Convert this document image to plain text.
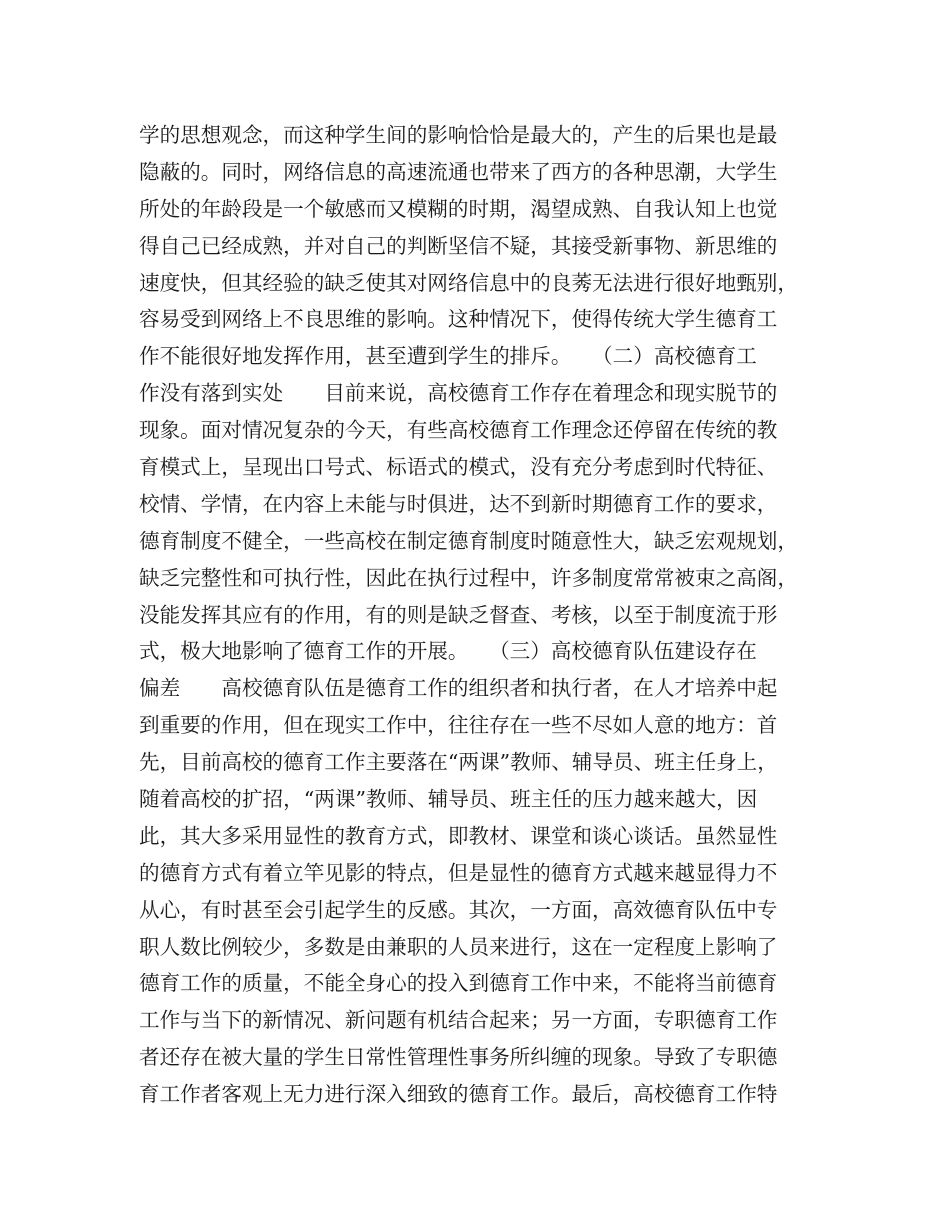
学的思想观念，而这种学生间的影响恰恰是最大的，产生的后果也是最
隐蔽的。同时，网络信息的高速流通也带来了西方的各种思潮，大学生
所处的年龄段是一个敏感而又模糊的时期，渴望成熟、自我认知上也觉
得自己已经成熟，并对自己的判断坚信不疑，其接受新事物、新思维的
速度快，但其经验的缺乏使其对网络信息中的良莠无法进行很好地甄别，
容易受到网络上不良思维的影响。这种情况下，使得传统大学生德育工
作不能很好地发挥作用，甚至遭到学生的排斥。　　（二）高校德育工
作没有落到实处　　目前来说，高校德育工作存在着理念和现实脱节的
现象。面对情况复杂的今天，有些高校德育工作理念还停留在传统的教
育模式上，呈现出口号式、标语式的模式，没有充分考虑到时代特征、
校情、学情，在内容上未能与时俱进，达不到新时期德育工作的要求，
德育制度不健全，一些高校在制定德育制度时随意性大，缺乏宏观规划，
缺乏完整性和可执行性，因此在执行过程中，许多制度常常被束之高阁，
没能发挥其应有的作用，有的则是缺乏督查、考核，以至于制度流于形
式，极大地影响了德育工作的开展。　　（三）高校德育队伍建设存在
偏差　　高校德育队伍是德育工作的组织者和执行者，在人才培养中起
到重要的作用，但在现实工作中，往往存在一些不尽如人意的地方：首
先，目前高校的德育工作主要落在“两课”教师、辅导员、班主任身上，
随着高校的扩招，“两课”教师、辅导员、班主任的压力越来越大，因
此，其大多采用显性的教育方式，即教材、课堂和谈心谈话。虽然显性
的德育方式有着立竿见影的特点，但是显性的德育方式越来越显得力不
从心，有时甚至会引起学生的反感。其次，一方面，高效德育队伍中专
职人数比例较少，多数是由兼职的人员来进行，这在一定程度上影响了
德育工作的质量，不能全身心的投入到德育工作中来，不能将当前德育
工作与当下的新情况、新问题有机结合起来；另一方面，专职德育工作
者还存在被大量的学生日常性管理性事务所纠缠的现象。导致了专职德
育工作者客观上无力进行深入细致的德育工作。最后，高校德育工作特
